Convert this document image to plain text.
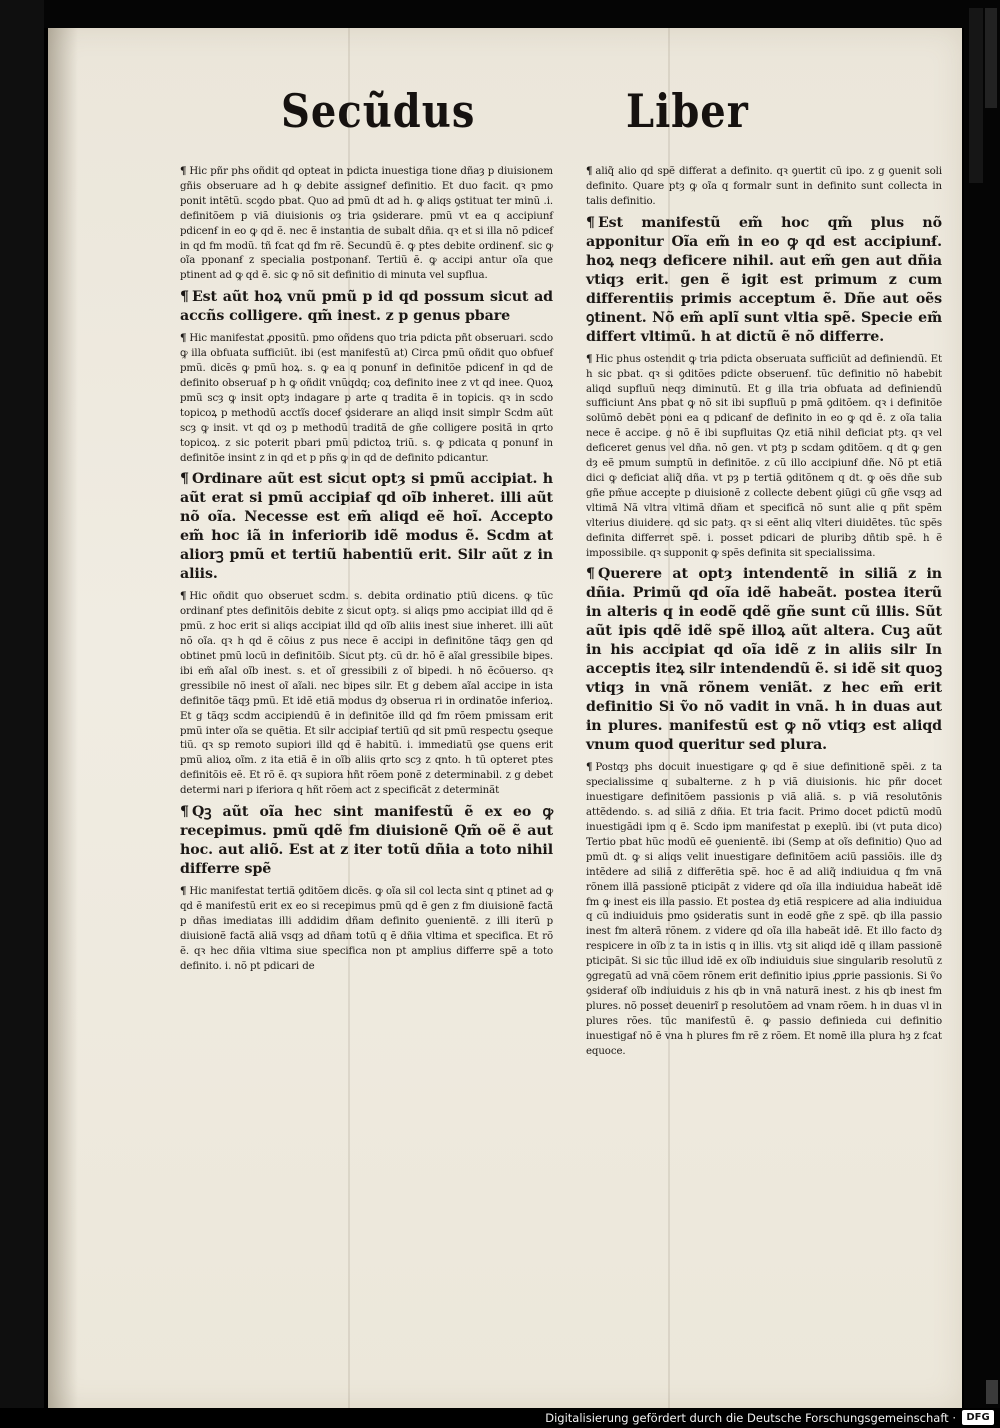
Secũdus	Liber

¶ Hic pñr phs oñdit qd opteat in pdicta inuestiga tione dñaȝ p diuisionem gñis obseruare ad h ꝙ debite assigneẜ definitio. Et duo facit. qꝛ pmo ponit intẽtũ. scꝯdo pbat. Quo ad pmũ dt ad h. ꝙ aliqs ꝯstituat ter minũ .i. definitõem p viã diuisionis oȝ tria ꝯsiderare. pmũ vt ea q accipiunẜ pdicenẜ in eo ꝙ qd ẽ. nec ẽ instantia de subalt dñia. qꝛ et si illa nõ pdiceẜ in qd fm modũ. tñ fcat qd fm rẽ. Secundũ ẽ. ꝙ ptes debite ordinenẜ. sic ꝙ oĩa pponanẜ z specialia postponanẜ. Tertiũ ẽ. ꝙ accipi antur oĩa que ptinent ad ꝙ qd ẽ. sic ꝙ nõ sit definitio di minuta vel supflua.

¶ Est aũt hoꝝ vnũ pmũ p id qd possum sicut ad accñs colligere. qm̃ inest. z p genus pbare

¶ Hic manifestat ꝓpositũ. pmo oñdens quo tria pdicta pñt obseruari. scdo ꝙ illa obfuata sufficiũt. ibi (est manifestũ at) Circa pmũ oñdit quo obfueẜ pmũ. dicẽs ꝙ pmũ hoꝝ. s. ꝙ ea q ponunẜ in definitõe pdicenẜ in qd de definito obseruaẜ p h ꝙ oñdit vnũqdq; coꝝ definito inee z vt qd inee. Quoꝝ pmũ scȝ ꝙ insit optȝ indagare p arte q tradita ẽ in topicis. qꝛ in scdo topicoꝝ p methodũ acctĩs doceẜ ꝯsiderare an aliqd insit simplr Scdm aũt scȝ ꝙ insit. vt qd oȝ p methodũ traditã de gñe colligere positã in qrto topicoꝝ. z sic poterit pbari pmũ pdictoꝝ triũ. s. ꝙ pdicata q ponunẜ in definitõe insint z in qd et p pñs ꝙ in qd de definito pdicantur.

¶ Ordinare aũt est sicut optȝ si pmũ accipiat. h aũt erat si pmũ accipiaẜ qd oĩb inheret. illi aũt nõ oĩa. Necesse est em̃ aliqd eẽ hoĩ. Accepto em̃ hoc iã in inferiorib idẽ modus ẽ. Scdm at aliorꝫ pmũ et tertiũ habentiũ erit. Silr aũt z in aliis.

¶ Hic oñdit quo obseruet scdm. s. debita ordinatio ptiũ dicens. ꝙ tũc ordinanẜ ptes definitõis debite z sicut optȝ. si aliqs pmo accipiat illd qd ẽ pmũ. z hoc erit si aliqs accipiat illd qd oĩb aliis inest siue inheret. illi aũt nõ oĩa. qꝛ h qd ẽ cõius z pus nece ẽ accipi in definitõne tãqȝ gen qd obtinet pmũ locũ in definitõib. Sicut ptȝ. cũ dr. hõ ẽ aĩal gressibile bipes. ibi em̃ aĩal oĩb inest. s. et oĩ gressibili z oĩ bipedi. h nõ ẽcõuerso. qꝛ gressibile nõ inest oĩ aĩali. nec bipes silr. Et g debem aĩal accipe in ista definitõe tãqȝ pmũ. Et idẽ etiã modus dȝ obserua ri in ordinatõe inferioꝝ. Et g tãqȝ scdm accipiendũ ẽ in definitõe illd qd fm rõem pmissam erit pmũ inter oĩa se quẽtia. Et silr accipiaẜ tertiũ qd sit pmũ respectu ꝯseque tiũ. qꝛ sp remoto supiori illd qd ẽ habitũ. i. immediatũ ꝯse quens erit pmũ alioꝝ oĩm. z ita etiã ẽ in oĩb aliis qrto scȝ z qnto. h tũ opteret ptes definitõis eẽ. Et rõ ẽ. qꝛ supiora hñt rõem ponẽ z determinabil. z g debet determi nari p iferiora q hñt rõem act z specificãt z determinãt

¶ Qꝫ aũt oĩa hec sint manifestũ ẽ ex eo ꝙ recepimus. pmũ qdẽ fm diuisionẽ Qm̃ oẽ ẽ aut hoc. aut aliõ. Est at z iter totũ dñia a toto nihil differre spẽ

¶ Hic manifestat tertiã ꝯditõem dicẽs. ꝙ oĩa sil col lecta sint q ptinet ad ꝙ qd ẽ manifestũ erit ex eo si recepimus pmũ qd ẽ gen z fm diuisionẽ factã p dñas imediatas illi addidim dñam definito ꝯuenientẽ. z illi iterũ p diuisionẽ factã aliã vsqȝ ad dñam totũ q ẽ dñia vltima et specifica. Et rõ ẽ. qꝛ hec dñia vltima siue specifica non pt amplius differre spẽ a toto definito. i. nõ pt pdicari de

¶ aliq̃ alio qd spẽ differat a definito. qꝛ ꝯuertit cũ ipo. z g ꝯuenit soli definito. Quare ptȝ ꝙ oĩa q formalr sunt in definito sunt collecta in talis definitio.

¶ Est manifestũ em̃ hoc qm̃ plus nõ apponitur Oĩa em̃ in eo ꝙ qd est accipiunẜ. hoꝝ neqȝ deficere nihil. aut em̃ gen aut dñia vtiqȝ erit. gen ẽ igit est primum z cum differentiis primis acceptum ẽ. Dñe aut oẽs ꝯtinent. Nõ em̃ aplĩ sunt vltia spẽ. Specie em̃ differt vltimũ. h at dictũ ẽ nõ differre.

¶ Hic phus ostendit ꝙ tria pdicta obseruata sufficiũt ad definiendũ. Et h sic pbat. qꝛ si ꝯditões pdicte obseruenẜ. tũc definitio nõ habebit aliqd supfluũ neqȝ diminutũ. Et g illa tria obfuata ad definiendũ sufficiunt Ans pbat ꝙ nõ sit ibi supfluũ p pmã ꝯditõem. qꝛ i definitõe solũmõ debẽt poni ea q pdicanẜ de definito in eo ꝙ qd ẽ. z oĩa talia nece ẽ accipe. g nõ ẽ ibi supfluitas Qz etiã nihil deficiat ptȝ. qꝛ vel deficeret genus vel dña. nõ gen. vt ptȝ p scdam ꝯditõem. q dt ꝙ gen dȝ eẽ pmum sumptũ in definitõe. z cũ illo accipiunẜ dñe. Nõ pt etiã dici ꝙ deficiat aliq̃ dña. vt pȝ p tertiã ꝯditõnem q dt. ꝙ oẽs dñe sub gñe pm̃ue accepte p diuisionẽ z collecte debent ꝯiũgi cũ gñe vsqȝ ad vltimã Nã vltra vltimã dñam et specificã nõ sunt alie q pñt spẽm vlterius diuidere. qd sic patȝ. qꝛ si eẽnt aliq vlteri diuidẽtes. tũc spẽs definita differret spẽ. i. posset pdicari de pluribꝫ dñtib spẽ. h ẽ impossibile. qꝛ supponit ꝙ spẽs definita sit specialissima.

¶ Querere at optȝ intendentẽ in siliã z in dñia. Primũ qd oĩa idẽ habeãt. postea iterũ in alteris q in eodẽ qdẽ gñe sunt cũ illis. Sũt aũt ipis qdẽ idẽ spẽ illoꝝ aũt altera. Cuꝫ aũt in his accipiat qd oĩa idẽ z in aliis silr In acceptis iteꝝ silr intendendũ ẽ. si idẽ sit quoꝫ vtiqȝ in vnã rõnem veniãt. z hec em̃ erit definitio Si ṽo nõ vadit in vnã. h in duas aut in plures. manifestũ est ꝙ nõ vtiqȝ est aliqd vnum quod queritur sed plura.

¶ Postqȝ phs docuit inuestigare ꝙ qd ẽ siue definitionẽ spẽi. z ta specialissime q subalterne. z h p viã diuisionis. hic pñr docet inuestigare definitõem passionis p viã aliã. s. p viã resolutõnis attẽdendo. s. ad siliã z dñia. Et tria facit. Primo docet pdictũ modũ inuestigãdi ipm q ẽ. Scdo ipm manifestat p exeplũ. ibi (vt puta dico) Tertio pbat hũc modũ eẽ ꝯuenientẽ. ibi (Semp at oĩs definitio) Quo ad pmũ dt. ꝙ si aliqs velit inuestigare definitõem aciũ passiõis. ille dȝ intẽdere ad siliã z differẽtia spẽ. hoc ẽ ad aliq̃ indiuidua q fm vnã rõnem illã passionẽ pticipãt z videre qd oĩa illa indiuidua habeãt idẽ fm ꝙ inest eis illa passio. Et postea dȝ etiã respicere ad alia indiuidua q cũ indiuiduis pmo ꝯsideratis sunt in eodẽ gñe z spẽ. qb illa passio inest fm alterã rõnem. z videre qd oĩa illa habeãt idẽ. Et illo facto dȝ respicere in oĩb z ta in istis q in illis. vtꝫ sit aliqd idẽ q illam passionẽ pticipãt. Si sic tũc illud idẽ ex oĩb indiuiduis siue singularib resolutũ z ꝯgregatũ ad vnã cõem rõnem erit definitio ipius ꝓprie passionis. Si ṽo ꝯsideraẜ oĩb indiuiduis z his qb in vnã naturã inest. z his qb inest fm plures. nõ posset deuenirĩ p resolutõem ad vnam rõem. h in duas vl in plures rões. tũc manifestũ ẽ. ꝙ passio definieda cui definitio inuestigaẜ nõ ẽ vna h plures fm rẽ z rõem. Et nomẽ illa plura hȝ z fcat equoce.

Digitalisierung gefördert durch die Deutsche Forschungsgemeinschaft ·	DFG
